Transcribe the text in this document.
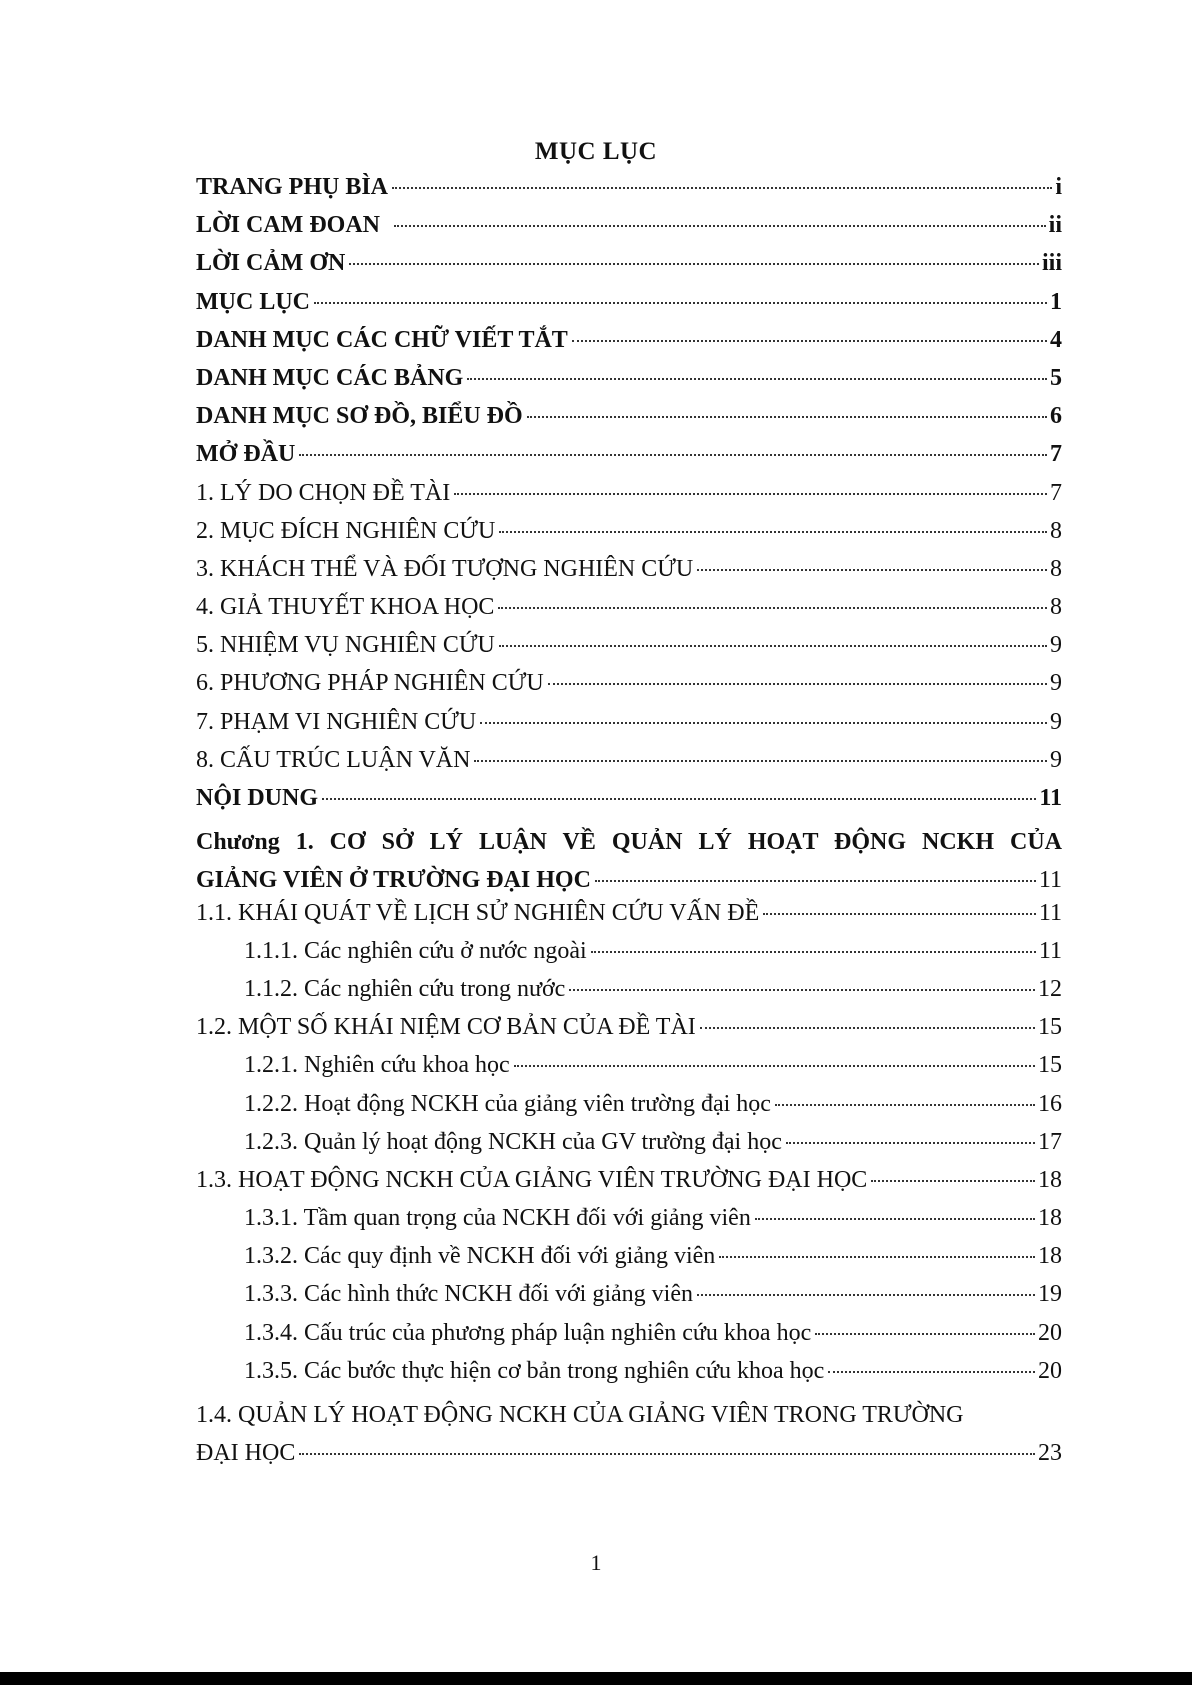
MỤC LỤC
TRANG PHỤ BÌA	i
LỜI CAM ĐOAN	ii
LỜI CẢM ƠN	iii
MỤC LỤC	1
DANH MỤC CÁC CHỮ VIẾT TẮT	4
DANH MỤC CÁC BẢNG	5
DANH MỤC SƠ ĐỒ, BIỂU ĐỒ	6
MỞ ĐẦU	7
1. LÝ DO CHỌN ĐỀ TÀI	7
2. MỤC ĐÍCH NGHIÊN CỨU	8
3. KHÁCH THỂ VÀ ĐỐI TƯỢNG NGHIÊN CỨU	8
4. GIẢ THUYẾT KHOA HỌC	8
5. NHIỆM VỤ NGHIÊN CỨU	9
6. PHƯƠNG PHÁP NGHIÊN CỨU	9
7. PHẠM VI NGHIÊN CỨU	9
8. CẤU TRÚC LUẬN VĂN	9
NỘI DUNG	11
Chương 1. CƠ SỞ LÝ LUẬN VỀ QUẢN LÝ HOẠT ĐỘNG NCKH CỦA
GIẢNG VIÊN Ở TRƯỜNG ĐẠI HỌC	11
1.1. KHÁI QUÁT VỀ LỊCH SỬ NGHIÊN CỨU VẤN ĐỀ	11
1.1.1. Các nghiên cứu ở nước ngoài	11
1.1.2. Các nghiên cứu trong nước	12
1.2. MỘT SỐ KHÁI NIỆM CƠ BẢN CỦA ĐỀ TÀI	15
1.2.1. Nghiên cứu khoa học	15
1.2.2. Hoạt động NCKH của giảng viên trường đại học	16
1.2.3. Quản lý hoạt động NCKH của GV trường đại học	17
1.3. HOẠT ĐỘNG NCKH CỦA GIẢNG VIÊN TRƯỜNG ĐẠI HỌC	18
1.3.1. Tầm quan trọng của NCKH đối với giảng viên	18
1.3.2. Các quy định về NCKH đối với giảng viên	18
1.3.3. Các hình thức NCKH đối với giảng viên	19
1.3.4. Cấu trúc của phương pháp luận nghiên cứu khoa học	20
1.3.5. Các bước thực hiện cơ bản trong nghiên cứu khoa học	20
1.4. QUẢN LÝ HOẠT ĐỘNG NCKH CỦA GIẢNG VIÊN TRONG TRƯỜNG
ĐẠI HỌC	23
1
